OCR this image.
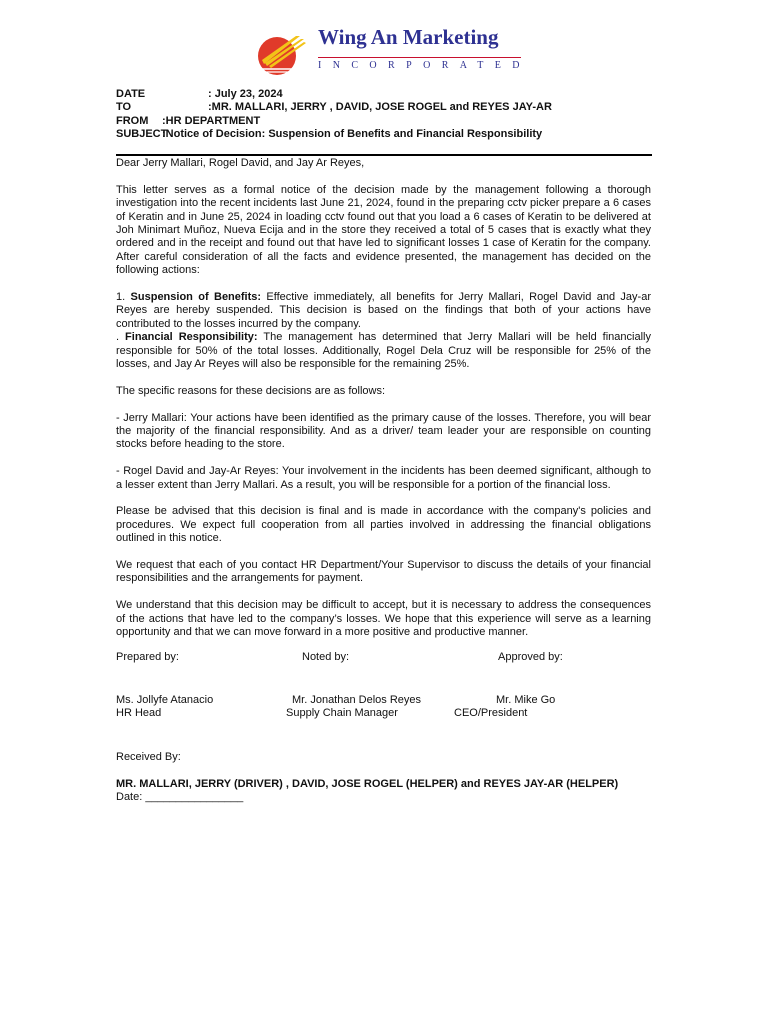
Wing An Marketing
INCORPORATED
DATE	: July 23, 2024
TO	:MR. MALLARI, JERRY , DAVID, JOSE ROGEL and REYES JAY-AR
FROM :HR DEPARTMENT
SUBJECT
:Notice of Decision: Suspension of Benefits and Financial Responsibility

Dear Jerry Mallari, Rogel David, and Jay Ar Reyes,

This letter serves as a formal notice of the decision made by the management following a thorough investigation into the recent incidents last June 21, 2024, found in the preparing cctv picker prepare a 6 cases of Keratin and in June 25, 2024 in loading cctv found out that you load a 6 cases of Keratin to be delivered at Joh Minimart Muñoz, Nueva Ecija and in the store they received a total of 5 cases that is exactly what they ordered and in the receipt and found out that have led to significant losses 1 case of Keratin for the company. After careful consideration of all the facts and evidence presented, the management has decided on the following actions:

1. Suspension of Benefits: Effective immediately, all benefits for Jerry Mallari, Rogel David and Jay-ar Reyes are hereby suspended. This decision is based on the findings that both of your actions have contributed to the losses incurred by the company.

. Financial Responsibility: The management has determined that Jerry Mallari will be held financially responsible for 50% of the total losses. Additionally, Rogel Dela Cruz will be responsible for 25% of the losses, and Jay Ar Reyes will also be responsible for the remaining 25%.

The specific reasons for these decisions are as follows:

- Jerry Mallari: Your actions have been identified as the primary cause of the losses. Therefore, you will bear the majority of the financial responsibility. And as a driver/ team leader your are responsible on counting stocks before heading to the store.

- Rogel David and Jay-Ar Reyes: Your involvement in the incidents has been deemed significant, although to a lesser extent than Jerry Mallari. As a result, you will be responsible for a portion of the financial loss.

Please be advised that this decision is final and is made in accordance with the company's policies and procedures. We expect full cooperation from all parties involved in addressing the financial obligations outlined in this notice.

We request that each of you contact HR Department/Your Supervisor to discuss the details of your financial responsibilities and the arrangements for payment.

We understand that this decision may be difficult to accept, but it is necessary to address the consequences of the actions that have led to the company’s losses. We hope that this experience will serve as a learning opportunity and that we can move forward in a more positive and productive manner.

Prepared by:	Noted by:	Approved by:
Ms. Jollyfe Atanacio	Mr. Jonathan Delos Reyes	Mr. Mike Go
HR Head	Supply Chain Manager	CEO/President
Received By:
MR. MALLARI, JERRY (DRIVER) , DAVID, JOSE ROGEL (HELPER) and REYES JAY-AR (HELPER)
Date: ________________
